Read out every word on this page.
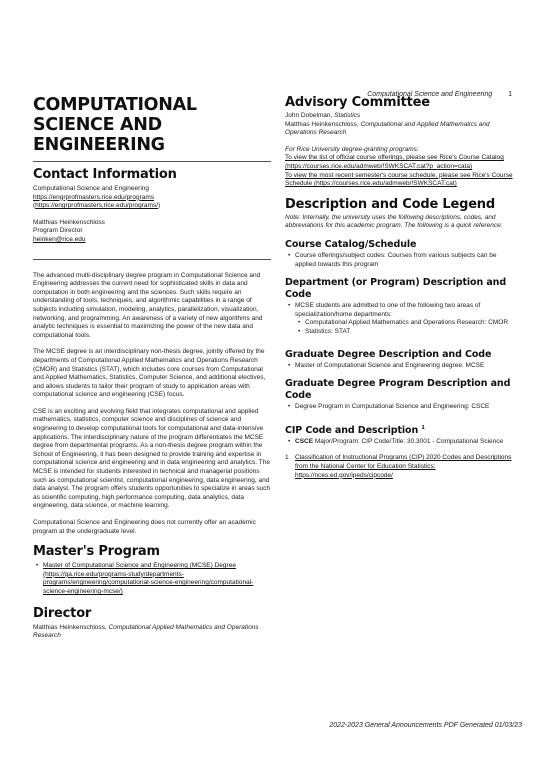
Computational Science and Engineering 1
COMPUTATIONAL SCIENCE AND ENGINEERING
Contact Information

Computational Science and Engineering

https://engrprofmasters.rice.edu/programs (https://engrprofmasters.rice.edu/programs/)

Matthias Heinkenschloss

Program Director

heinken@rice.edu

The advanced multi-disciplinary degree program in Computational Science and Engineering addresses the current need for sophisticated skills in data and computation in both engineering and the sciences. Such skills require an understanding of tools, techniques, and algorithmic capabilities in a range of subjects including simulation, modeling, analytics, parallelization, visualization, networking, and programming. An awareness of a variety of new algorithms and analytic techniques is essential to maximizing the power of the new data and computational tools.

The MCSE degree is an interdisciplinary non-thesis degree, jointly offered by the departments of Computational Applied Mathematics and Operations Research (CMOR) and Statistics (STAT), which includes core courses from Computational and Applied Mathematics, Statistics, Computer Science, and additional electives, and allows students to tailor their program of study to application areas with computational science and engineering (CSE) focus.

CSE is an exciting and evolving field that integrates computational and applied mathematics, statistics, computer science and disciplines of science and engineering to develop computational tools for computational and data-intensive applications. The interdisciplinary nature of the program differentiates the MCSE degree from departmental programs. As a non-thesis degree program within the School of Engineering, it has been designed to provide training and expertise in computational science and engineering and in data engineering and analytics. The MCSE is intended for students interested in technical and managerial positions such as computational scientist, computational engineering, data engineering, and data analyst. The program offers students opportunities to specialize in areas such as scientific computing, high performance computing, data analytics, data engineering, data science, or machine learning.

Computational Science and Engineering does not currently offer an academic program at the undergraduate level.

Master's Program
• Master of Computational Science and Engineering (MCSE) Degree (https://ga.rice.edu/programs-study/departments-programs/engineering/computational-science-engineering/computational-science-engineering-mcse/)
Director

Matthias Heinkenschloss, Computational Applied Mathematics and Operations Research

Advisory Committee

John Dobelman, Statistics

Matthias Heinkenschloss, Computational and Applied Mathematics and Operations Research

For Rice University degree-granting programs:

To view the list of official course offerings, please see Rice's Course Catalog (https://courses.rice.edu/admweb/!SWKSCAT.cat?p_action=cata)

To view the most recent semester's course schedule, please see Rice's Course Schedule (https://courses.rice.edu/admweb/!SWKSCAT.cat)

Description and Code Legend

Note: Internally, the university uses the following descriptions, codes, and abbreviations for this academic program. The following is a quick reference:

Course Catalog/Schedule
• Course offerings/subject codes: Courses from various subjects can be applied towards this program
Department (or Program) Description and Code
• MCSE students are admitted to one of the following two areas of specialization/home departments:
• Computational Applied Mathematics and Operations Research: CMOR
• Statistics: STAT
Graduate Degree Description and Code
• Master of Computational Science and Engineering degree: MCSE
Graduate Degree Program Description and Code
• Degree Program in Computational Science and Engineering: CSCE
CIP Code and Description $^1$
• CSCE Major/Program: CIP Code/Title: 30.3001 - Computational Science
1 Classification of Instructional Programs (CIP) 2020 Codes and Descriptions from the National Center for Education Statistics: https://nces.ed.gov/ipeds/cipcode/
2022-2023 General Announcements PDF Generated 01/03/23
